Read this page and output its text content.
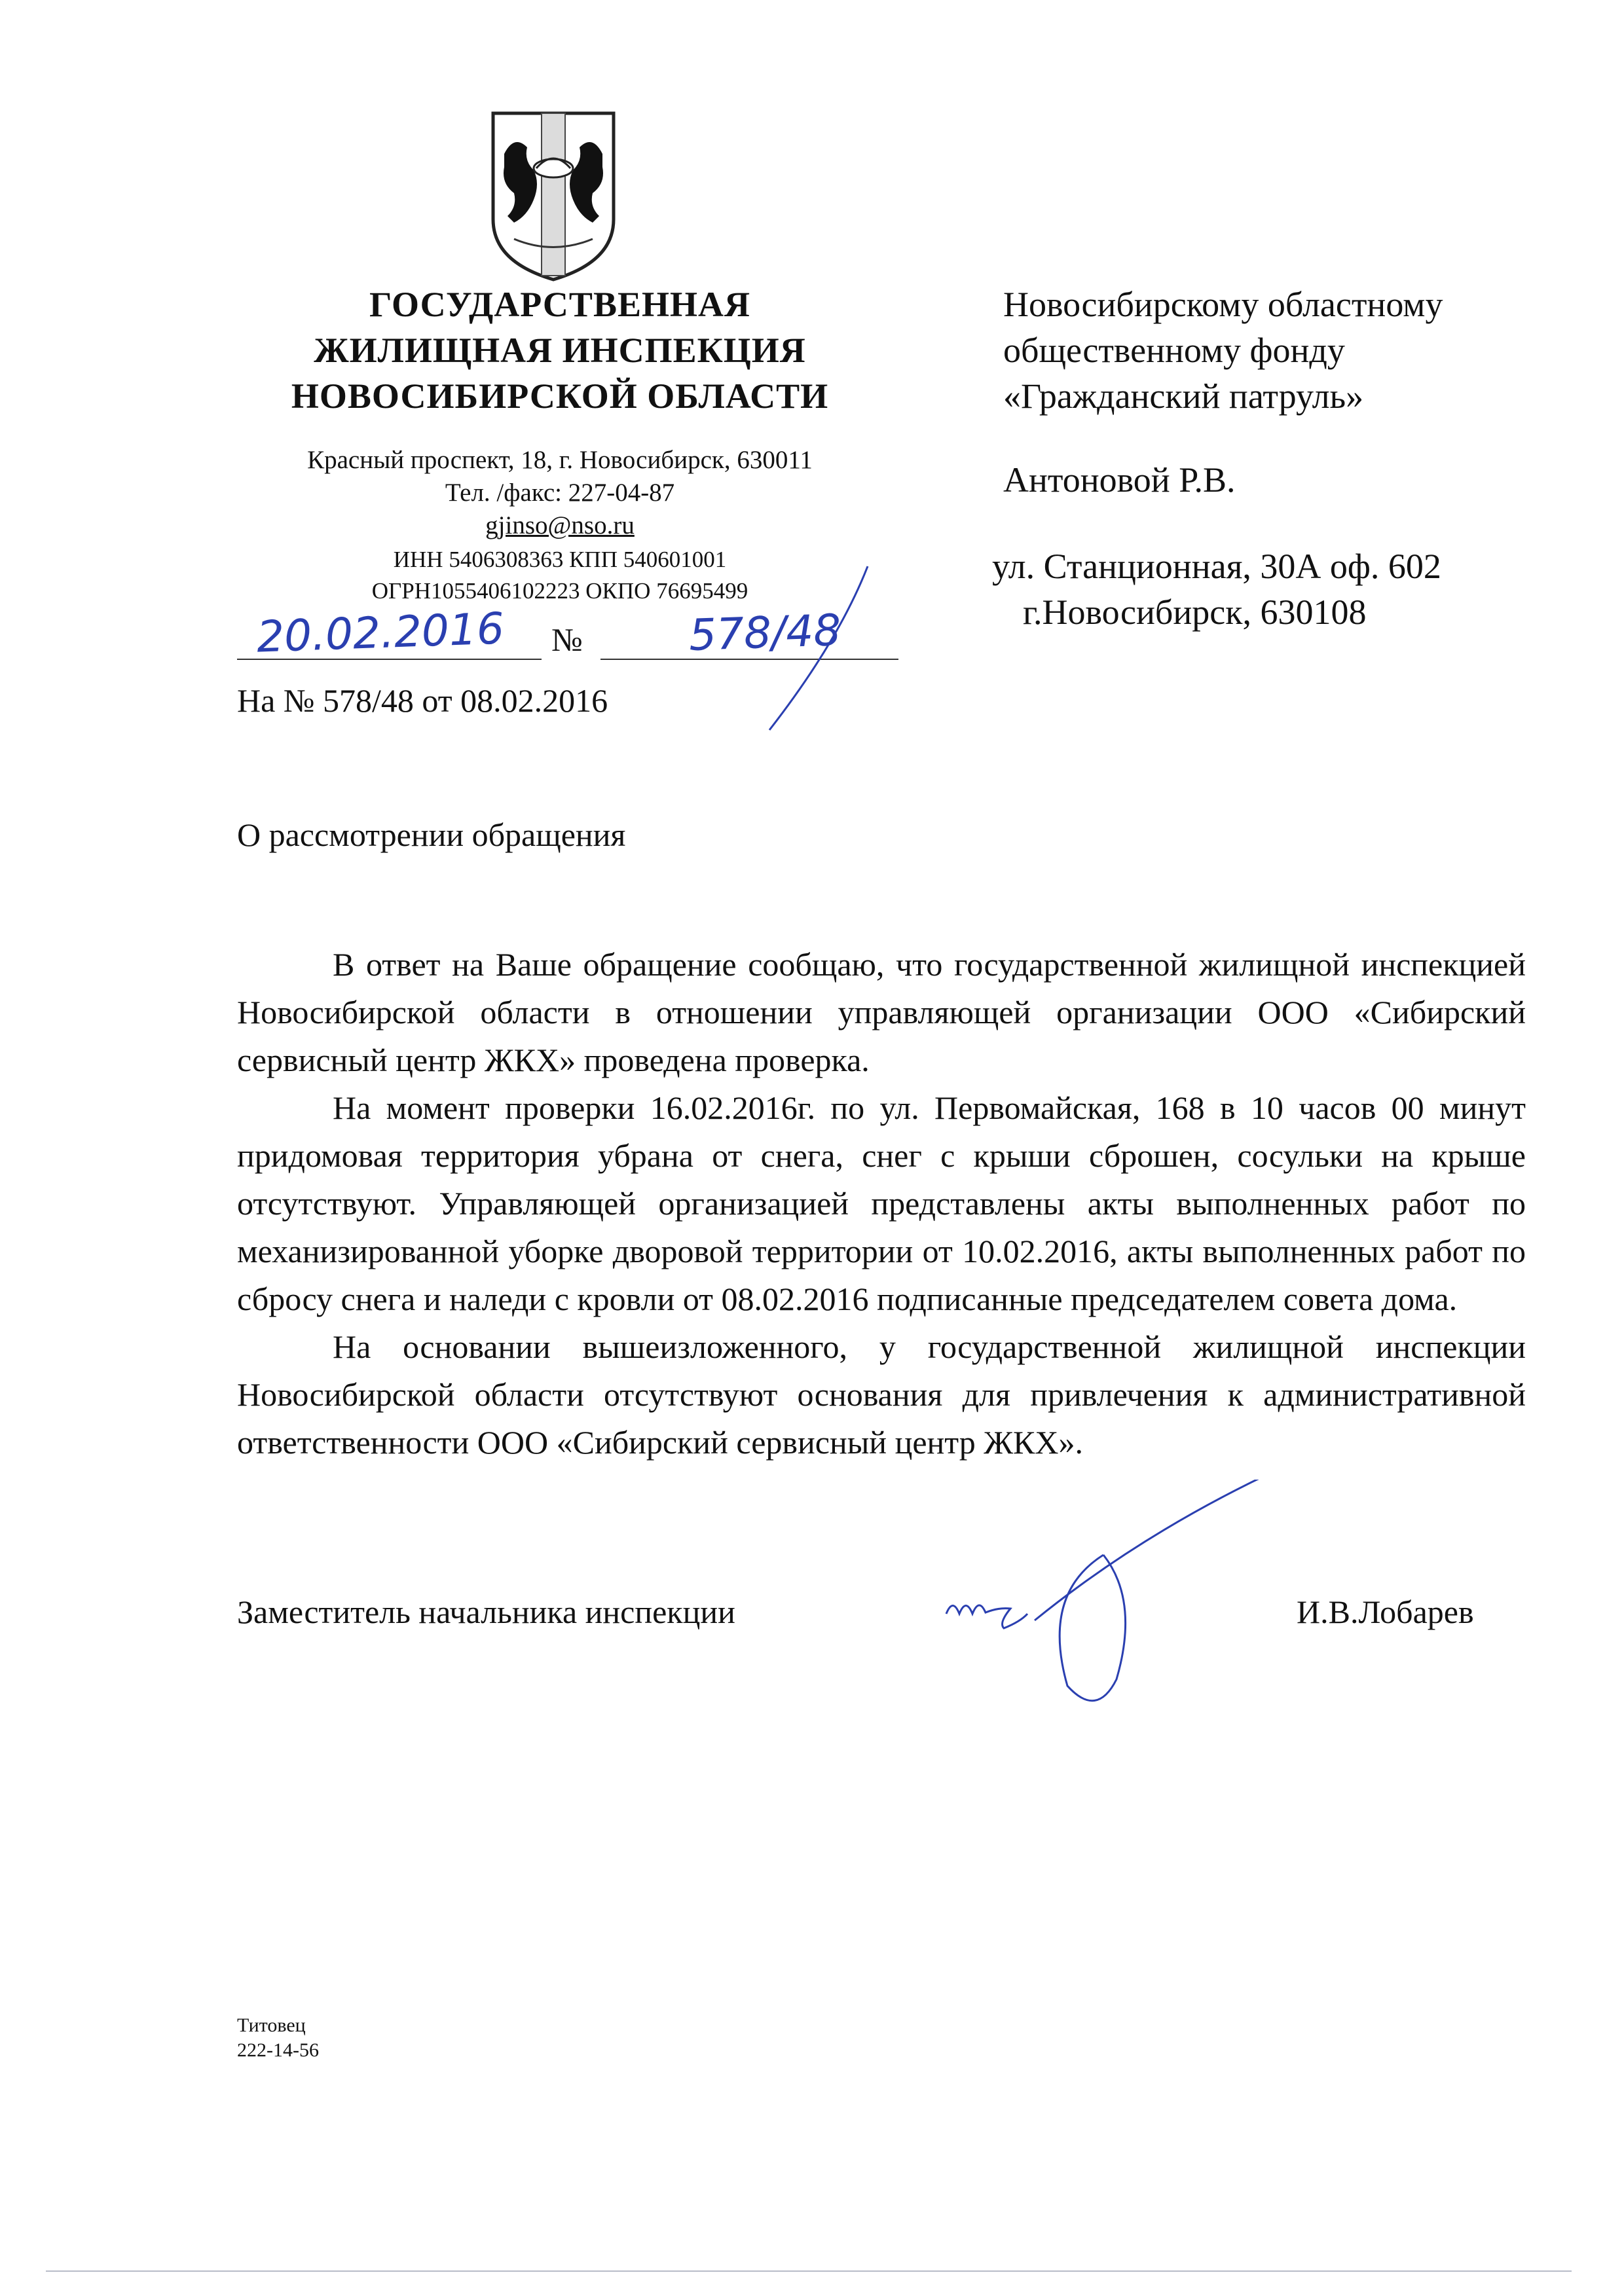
ГОСУДАРСТВЕННАЯ
ЖИЛИЩНАЯ ИНСПЕКЦИЯ
НОВОСИБИРСКОЙ ОБЛАСТИ
Красный проспект, 18, г. Новосибирск, 630011
Тел. /факс: 227-04-87
gjinso@nso.ru
ИНН 5406308363 КПП 540601001
ОГРН1055406102223 ОКПО 76695499
20.02.2016 № 578/48
На № 578/48 от 08.02.2016
Новосибирскому областному
общественному фонду
«Гражданский патруль»
Антоновой Р.В.
ул. Станционная, 30А оф. 602
г.Новосибирск, 630108
О рассмотрении обращения

В ответ на Ваше обращение сообщаю, что государственной жилищной инспекцией Новосибирской области в отношении управляющей организации ООО «Сибирский сервисный центр ЖКХ» проведена проверка.

На момент проверки 16.02.2016г. по ул. Первомайская, 168 в 10 часов 00 минут придомовая территория убрана от снега, снег с крыши сброшен, сосульки на крыше отсутствуют. Управляющей организацией представлены акты выполненных работ по механизированной уборке дворовой территории от 10.02.2016, акты выполненных работ по сбросу снега и наледи с кровли от 08.02.2016 подписанные председателем совета дома.

На основании вышеизложенного, у государственной жилищной инспекции Новосибирской области отсутствуют основания для привлечения к административной ответственности ООО «Сибирский сервисный центр ЖКХ».

Заместитель начальника инспекции	И.В.Лобарев
Титовец
222-14-56
